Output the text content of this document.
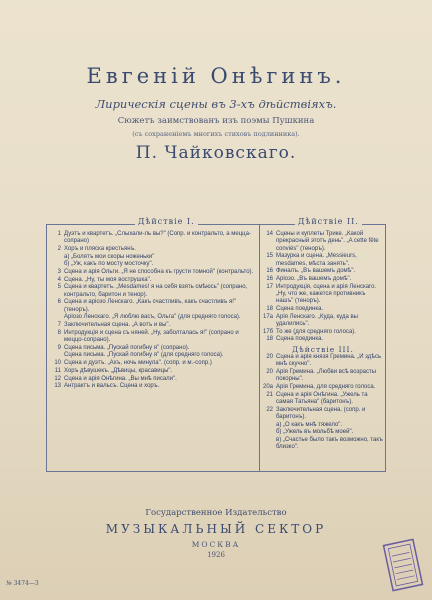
Евгеній Онѣгинъ.
Лирическія сцены въ 3-хъ дѣйствіяхъ.
Сюжетъ заимствованъ изъ поэмы Пушкина
(съ сохраненіемъ многихъ стиховъ подлинника).
П. Чайковскаго.
Дѣйствіе I.	Дѣйствіе II.
1 Дуэтъ и квартетъ. „Слыхали-ль вы?" (Сопр. и контральто, а мецца-сопрано)
2 Хоръ и пляска крестьянъ.
а) „Болятъ мои скоры ноженьки"
б) „Уж, какъ по мосту мосточку".
3 Сцена и арія Ольги. „Я не способна къ грусти томной" (контральто).
4 Сцена. „Ну, ты моя вострушка".
5 Сцена и квартетъ. „Mesdames! я на себя взять смѣюсь" (сопрано, контральто, баритон и тенор).
6 Сцена и аріозо Ленскаго. „Какъ счастливъ, какъ счастливъ я!" (теноръ).
Аріозо Ленскаго. „Я люблю васъ, Ольга" (для средняго голоса).
7 Заключительная сцена. „А вотъ и вы".
8 Интродукція и сцена съ няней. „Ну, заболталась я!" (сопрано и меццо-сопрано).
9 Сцена письма. „Пускай погибну я" (сопрано).
Сцена письма. „Пускай погибну я" (для средняго голоса).
10 Сцена и дуэтъ. „Ахъ, ночь минула". (сопр. и м.-сопр.)
11 Хоръ дѣвушекъ. „Дѣвицы, красавицы".
12 Сцена и арія Онѣгина. „Вы мнѣ писали".
13 Антрактъ и вальсъ. Сцена и хоръ.
14 Сцены и куплеты Трике. „Какой прекрасный этотъ день". „A cette fête conviés" (теноръ).
15 Мазурка и сцена. „Messieurs, mesdames, мѣста занять".
16 Финалъ. „Въ вашемъ домѣ".
16 Аріозо. „Въ вашемъ домѣ".
17 Интродукція, сцена и арія Ленскаго. „Ну, что же, кажется противникъ нашъ" (теноръ).
18 Сцена поединка.
17а Арія Ленскаго. „Куда, куда вы удалились".
17б То же (для средняго голоса).
18 Сцена поединка.
Дѣйствіе III.
20 Сцена и арія князя Гремина. „И здѣсь мнѣ скучно".
20 Арія Гремина. „Любви всѣ возрасты покорны".
20а Арія Гремина, для средняго голоса.
21 Сцена и арія Онѣгина. „Ужель та самая Татьяна" (баритонъ).
22 Заключительная сцена. (сопр. и баритонъ).
а) „О какъ мнѣ тяжело".
б) „Ужель въ мольбѣ моей".
в) „Счастье было такъ возможно, такъ близко".
Государственное Издательство
МУЗЫКАЛЬНЫЙ СЕКТОР
МОСКВА
1926
№ 3474—3
